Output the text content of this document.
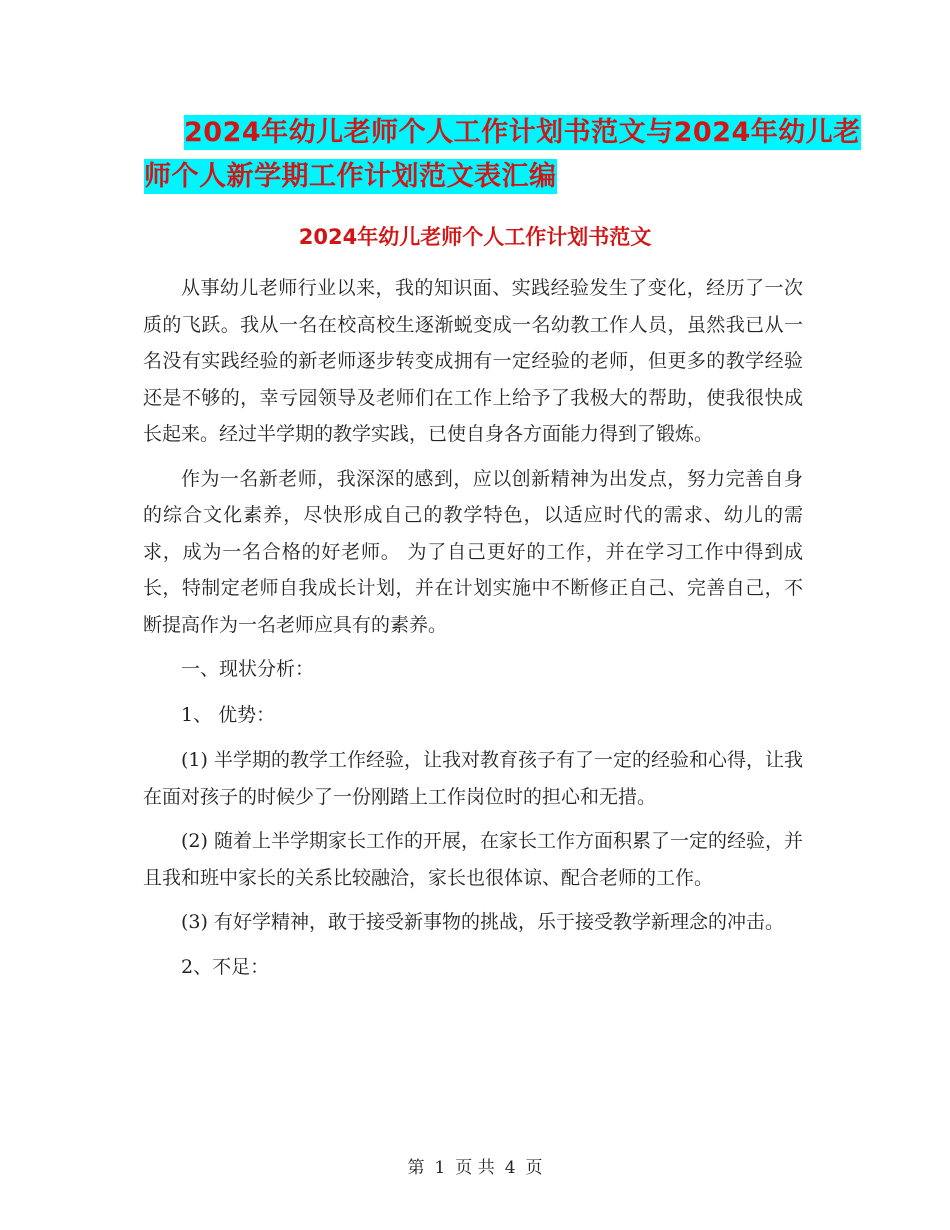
2024年幼儿老师个人工作计划书范文与2024年幼儿老
师个人新学期工作计划范文表汇编
2024年幼儿老师个人工作计划书范文

从事幼儿老师行业以来，我的知识面、实践经验发生了变化，经历了一次质的飞跃。我从一名在校高校生逐渐蜕变成一名幼教工作人员，虽然我已从一名没有实践经验的新老师逐步转变成拥有一定经验的老师，但更多的教学经验还是不够的，幸亏园领导及老师们在工作上给予了我极大的帮助，使我很快成长起来。经过半学期的教学实践，已使自身各方面能力得到了锻炼。

作为一名新老师，我深深的感到，应以创新精神为出发点，努力完善自身的综合文化素养，尽快形成自己的教学特色，以适应时代的需求、幼儿的需求，成为一名合格的好老师。 为了自己更好的工作，并在学习工作中得到成长，特制定老师自我成长计划，并在计划实施中不断修正自己、完善自己，不断提高作为一名老师应具有的素养。

一、现状分析：

1、 优势：

(1) 半学期的教学工作经验，让我对教育孩子有了一定的经验和心得，让我在面对孩子的时候少了一份刚踏上工作岗位时的担心和无措。

(2) 随着上半学期家长工作的开展，在家长工作方面积累了一定的经验，并且我和班中家长的关系比较融洽，家长也很体谅、配合老师的工作。

(3) 有好学精神，敢于接受新事物的挑战，乐于接受教学新理念的冲击。

2、不足：

第 1 页 共 4 页
